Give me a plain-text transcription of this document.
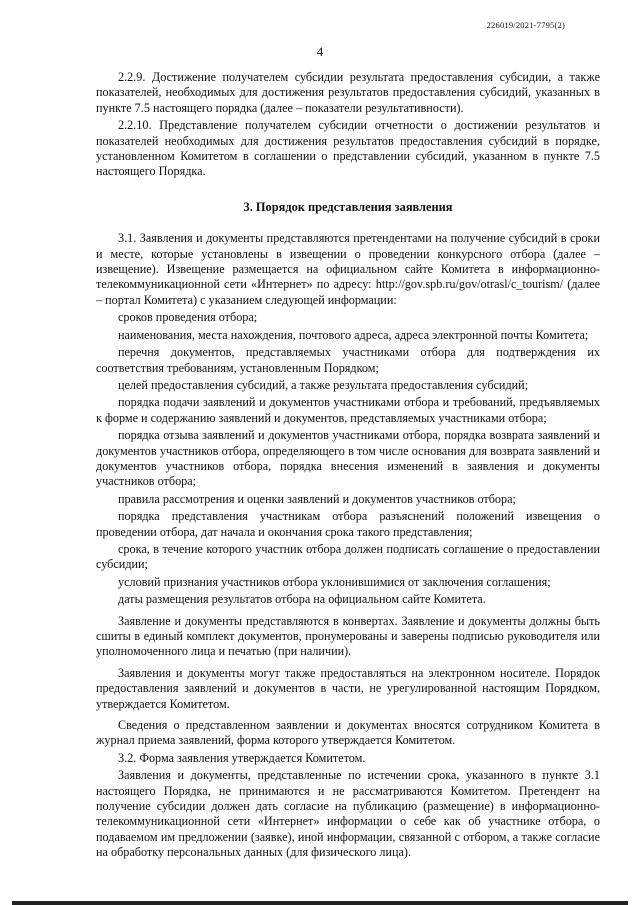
226019/2021-7795(2)
4

2.2.9. Достижение получателем субсидии результата предоставления субсидии, а также показателей, необходимых для достижения результатов предоставления субсидий, указанных в пункте 7.5 настоящего порядка (далее – показатели результативности).

2.2.10. Представление получателем субсидии отчетности о достижении результатов и показателей необходимых для достижения результатов предоставления субсидий в порядке, установленном Комитетом в соглашении о представлении субсидий, указанном в пункте 7.5 настоящего Порядка.

3. Порядок представления заявления

3.1. Заявления и документы представляются претендентами на получение субсидий в сроки и месте, которые установлены в извещении о проведении конкурсного отбора (далее – извещение). Извещение размещается на официальном сайте Комитета в информационно-телекоммуникационной сети «Интернет» по адресу: http://gov.spb.ru/gov/otrasl/c_tourism/ (далее – портал Комитета) с указанием следующей информации:

сроков проведения отбора;

наименования, места нахождения, почтового адреса, адреса электронной почты Комитета;

перечня документов, представляемых участниками отбора для подтверждения их соответствия требованиям, установленным Порядком;

целей предоставления субсидий, а также результата предоставления субсидий;

порядка подачи заявлений и документов участниками отбора и требований, предъявляемых к форме и содержанию заявлений и документов, представляемых участниками отбора;

порядка отзыва заявлений и документов участниками отбора, порядка возврата заявлений и документов участников отбора, определяющего в том числе основания для возврата заявлений и документов участников отбора, порядка внесения изменений в заявления и документы участников отбора;

правила рассмотрения и оценки заявлений и документов участников отбора;

порядка представления участникам отбора разъяснений положений извещения о проведении отбора, дат начала и окончания срока такого представления;

срока, в течение которого участник отбора должен подписать соглашение о предоставлении субсидии;

условий признания участников отбора уклонившимися от заключения соглашения;

даты размещения результатов отбора на официальном сайте Комитета.

Заявление и документы представляются в конвертах. Заявление и документы должны быть сшиты в единый комплект документов, пронумерованы и заверены подписью руководителя или уполномоченного лица и печатью (при наличии).

Заявления и документы могут также предоставляться на электронном носителе. Порядок предоставления заявлений и документов в части, не урегулированной настоящим Порядком, утверждается Комитетом.

Сведения о представленном заявлении и документах вносятся сотрудником Комитета в журнал приема заявлений, форма которого утверждается Комитетом.

3.2. Форма заявления утверждается Комитетом.

Заявления и документы, представленные по истечении срока, указанного в пункте 3.1 настоящего Порядка, не принимаются и не рассматриваются Комитетом. Претендент на получение субсидии должен дать согласие на публикацию (размещение) в информационно-телекоммуникационной сети «Интернет» информации о себе как об участнике отбора, о подаваемом им предложении (заявке), иной информации, связанной с отбором, а также согласие на обработку персональных данных (для физического лица).
